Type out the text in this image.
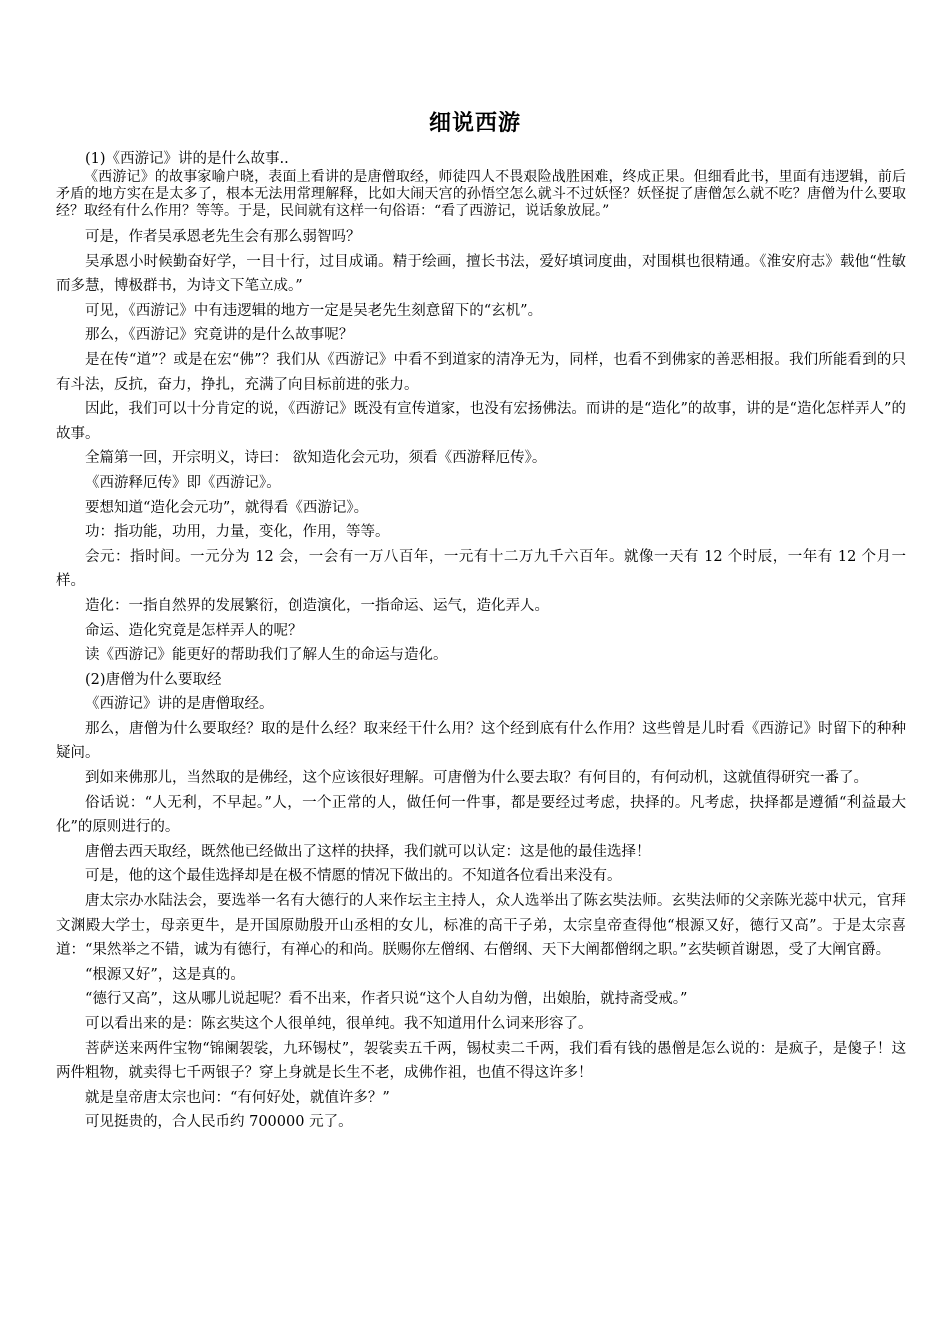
细说西游

(1)《西游记》讲的是什么故事..

《西游记》的故事家喻户晓，表面上看讲的是唐僧取经，师徒四人不畏艰险战胜困难，终成正果。但细看此书，里面有违逻辑，前后矛盾的地方实在是太多了，根本无法用常理解释，比如大闹天宫的孙悟空怎么就斗不过妖怪？妖怪捉了唐僧怎么就不吃？唐僧为什么要取经？取经有什么作用？等等。于是，民间就有这样一句俗语：“看了西游记，说话象放屁。”

可是，作者吴承恩老先生会有那么弱智吗？

吴承恩小时候勤奋好学，一目十行，过目成诵。精于绘画，擅长书法，爱好填词度曲，对围棋也很精通。《淮安府志》载他“性敏而多慧，博极群书，为诗文下笔立成。”

可见，《西游记》中有违逻辑的地方一定是吴老先生刻意留下的“玄机”。

那么，《西游记》究竟讲的是什么故事呢？

是在传“道”？或是在宏“佛”？我们从《西游记》中看不到道家的清净无为，同样，也看不到佛家的善恶相报。我们所能看到的只有斗法，反抗，奋力，挣扎，充满了向目标前进的张力。

因此，我们可以十分肯定的说，《西游记》既没有宣传道家，也没有宏扬佛法。而讲的是“造化”的故事，讲的是“造化怎样弄人”的故事。

全篇第一回，开宗明义，诗曰： 欲知造化会元功，须看《西游释厄传》。

《西游释厄传》即《西游记》。

要想知道“造化会元功”，就得看《西游记》。

功：指功能，功用，力量，变化，作用，等等。

会元：指时间。一元分为 12 会，一会有一万八百年，一元有十二万九千六百年。就像一天有 12 个时辰，一年有 12 个月一样。

造化：一指自然界的发展繁衍，创造演化，一指命运、运气，造化弄人。

命运、造化究竟是怎样弄人的呢？

读《西游记》能更好的帮助我们了解人生的命运与造化。

(2)唐僧为什么要取经

《西游记》讲的是唐僧取经。

那么，唐僧为什么要取经？取的是什么经？取来经干什么用？这个经到底有什么作用？这些曾是儿时看《西游记》时留下的种种疑问。

到如来佛那儿，当然取的是佛经，这个应该很好理解。可唐僧为什么要去取？有何目的，有何动机，这就值得研究一番了。

俗话说：“人无利，不早起。”人，一个正常的人，做任何一件事，都是要经过考虑，抉择的。凡考虑，抉择都是遵循“利益最大化”的原则进行的。

唐僧去西天取经，既然他已经做出了这样的抉择，我们就可以认定：这是他的最佳选择！

可是，他的这个最佳选择却是在极不情愿的情况下做出的。不知道各位看出来没有。

唐太宗办水陆法会，要选举一名有大德行的人来作坛主主持人，众人选举出了陈玄奘法师。玄奘法师的父亲陈光蕊中状元，官拜文渊殿大学士，母亲更牛，是开国原勋殷开山丞相的女儿，标准的高干子弟，太宗皇帝查得他“根源又好，德行又高”。于是太宗喜道：“果然举之不错，诚为有德行，有禅心的和尚。朕赐你左僧纲、右僧纲、天下大阐都僧纲之职。”玄奘顿首谢恩，受了大阐官爵。

“根源又好”，这是真的。

“德行又高”，这从哪儿说起呢？看不出来，作者只说“这个人自幼为僧，出娘胎，就持斋受戒。”

可以看出来的是：陈玄奘这个人很单纯，很单纯。我不知道用什么词来形容了。

菩萨送来两件宝物“锦阑袈裟，九环锡杖”，袈裟卖五千两，锡杖卖二千两，我们看有钱的愚僧是怎么说的：是疯子，是傻子！这两件粗物，就卖得七千两银子？穿上身就是长生不老，成佛作祖，也值不得这许多！

就是皇帝唐太宗也问：“有何好处，就值许多？”

可见挺贵的，合人民币约 700000 元了。
